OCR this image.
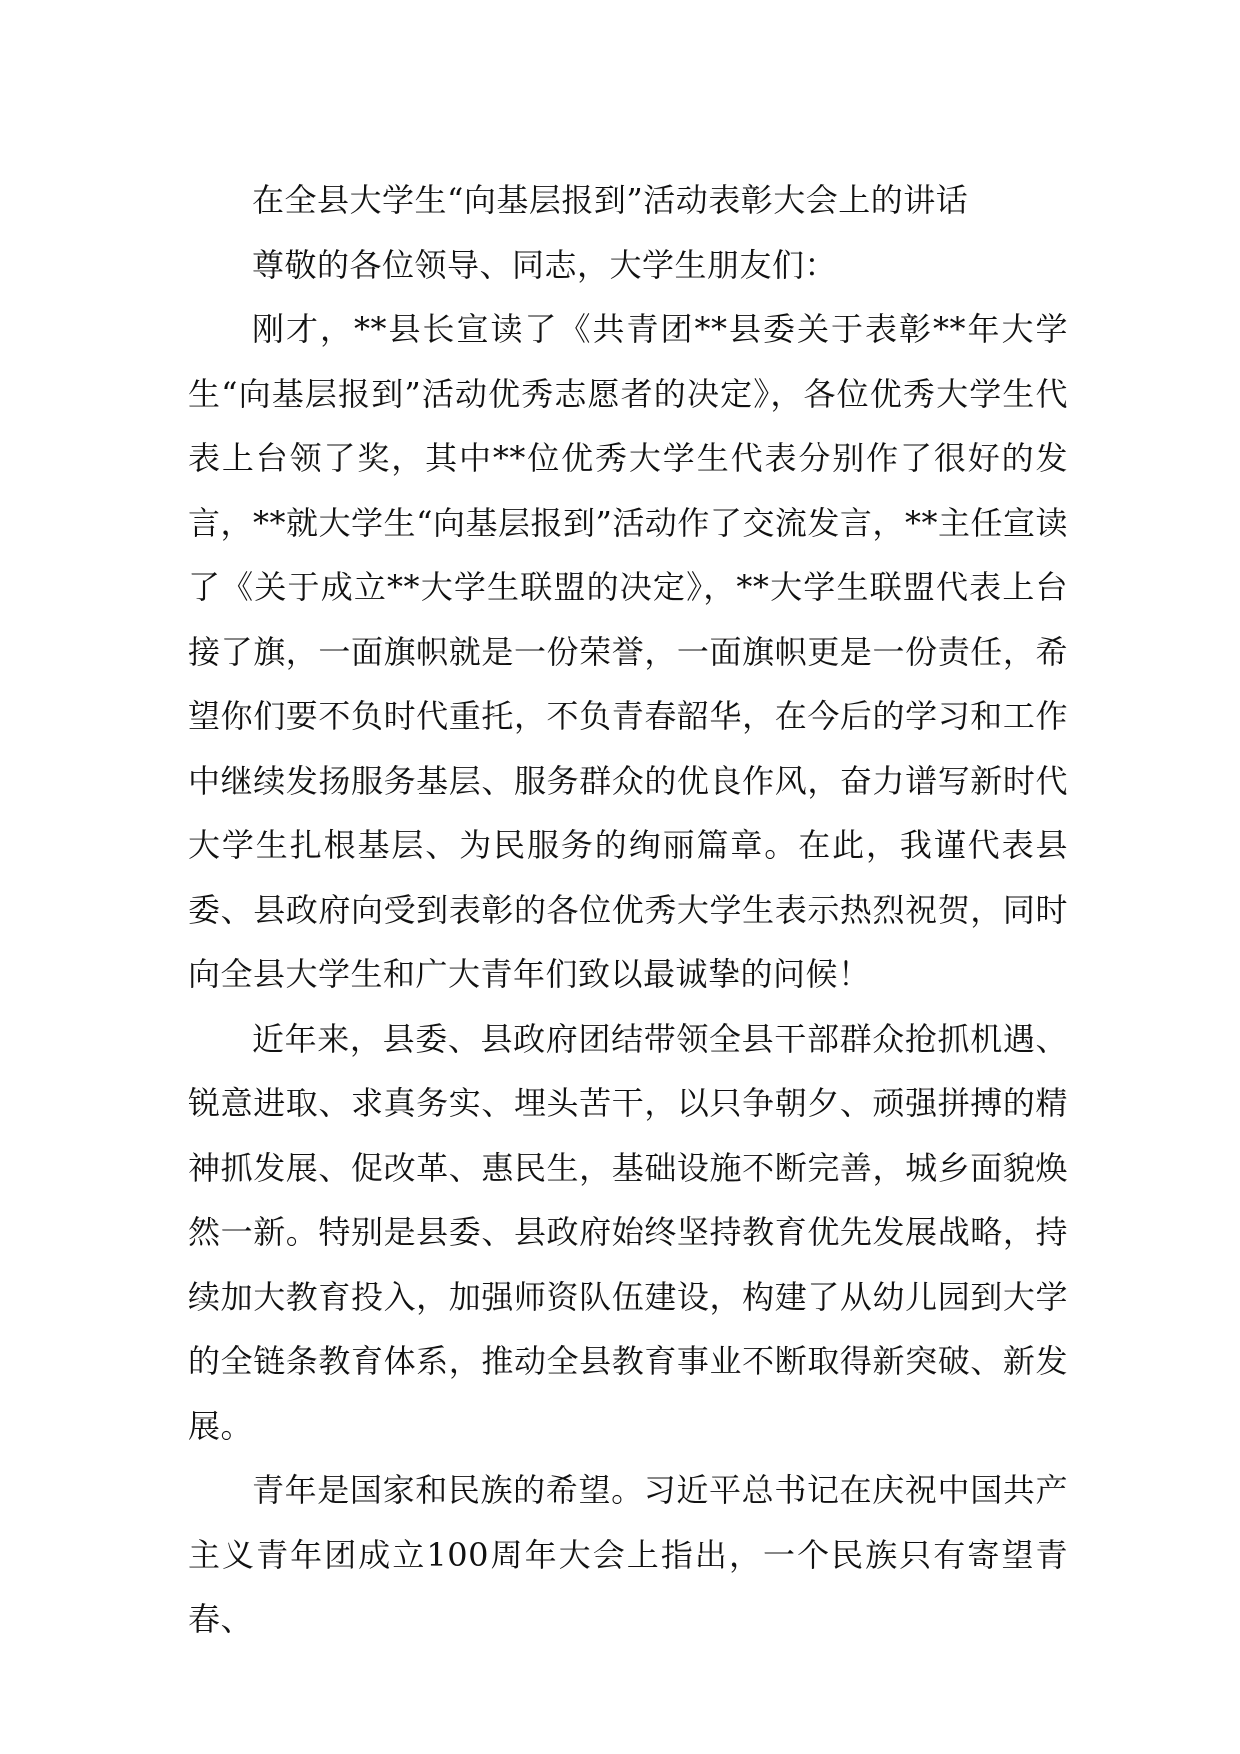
在全县大学生“向基层报到”活动表彰大会上的讲话

尊敬的各位领导、同志，大学生朋友们：

刚才，**县长宣读了《共青团**县委关于表彰**年大学生“向基层报到”活动优秀志愿者的决定》，各位优秀大学生代表上台领了奖，其中**位优秀大学生代表分别作了很好的发言，**就大学生“向基层报到”活动作了交流发言，**主任宣读了《关于成立**大学生联盟的决定》，**大学生联盟代表上台接了旗，一面旗帜就是一份荣誉，一面旗帜更是一份责任，希望你们要不负时代重托，不负青春韶华，在今后的学习和工作中继续发扬服务基层、服务群众的优良作风，奋力谱写新时代大学生扎根基层、为民服务的绚丽篇章。在此，我谨代表县委、县政府向受到表彰的各位优秀大学生表示热烈祝贺，同时向全县大学生和广大青年们致以最诚挚的问候！

近年来，县委、县政府团结带领全县干部群众抢抓机遇、锐意进取、求真务实、埋头苦干，以只争朝夕、顽强拼搏的精神抓发展、促改革、惠民生，基础设施不断完善，城乡面貌焕然一新。特别是县委、县政府始终坚持教育优先发展战略，持续加大教育投入，加强师资队伍建设，构建了从幼儿园到大学的全链条教育体系，推动全县教育事业不断取得新突破、新发展。

青年是国家和民族的希望。习近平总书记在庆祝中国共产主义青年团成立100周年大会上指出，一个民族只有寄望青春、
